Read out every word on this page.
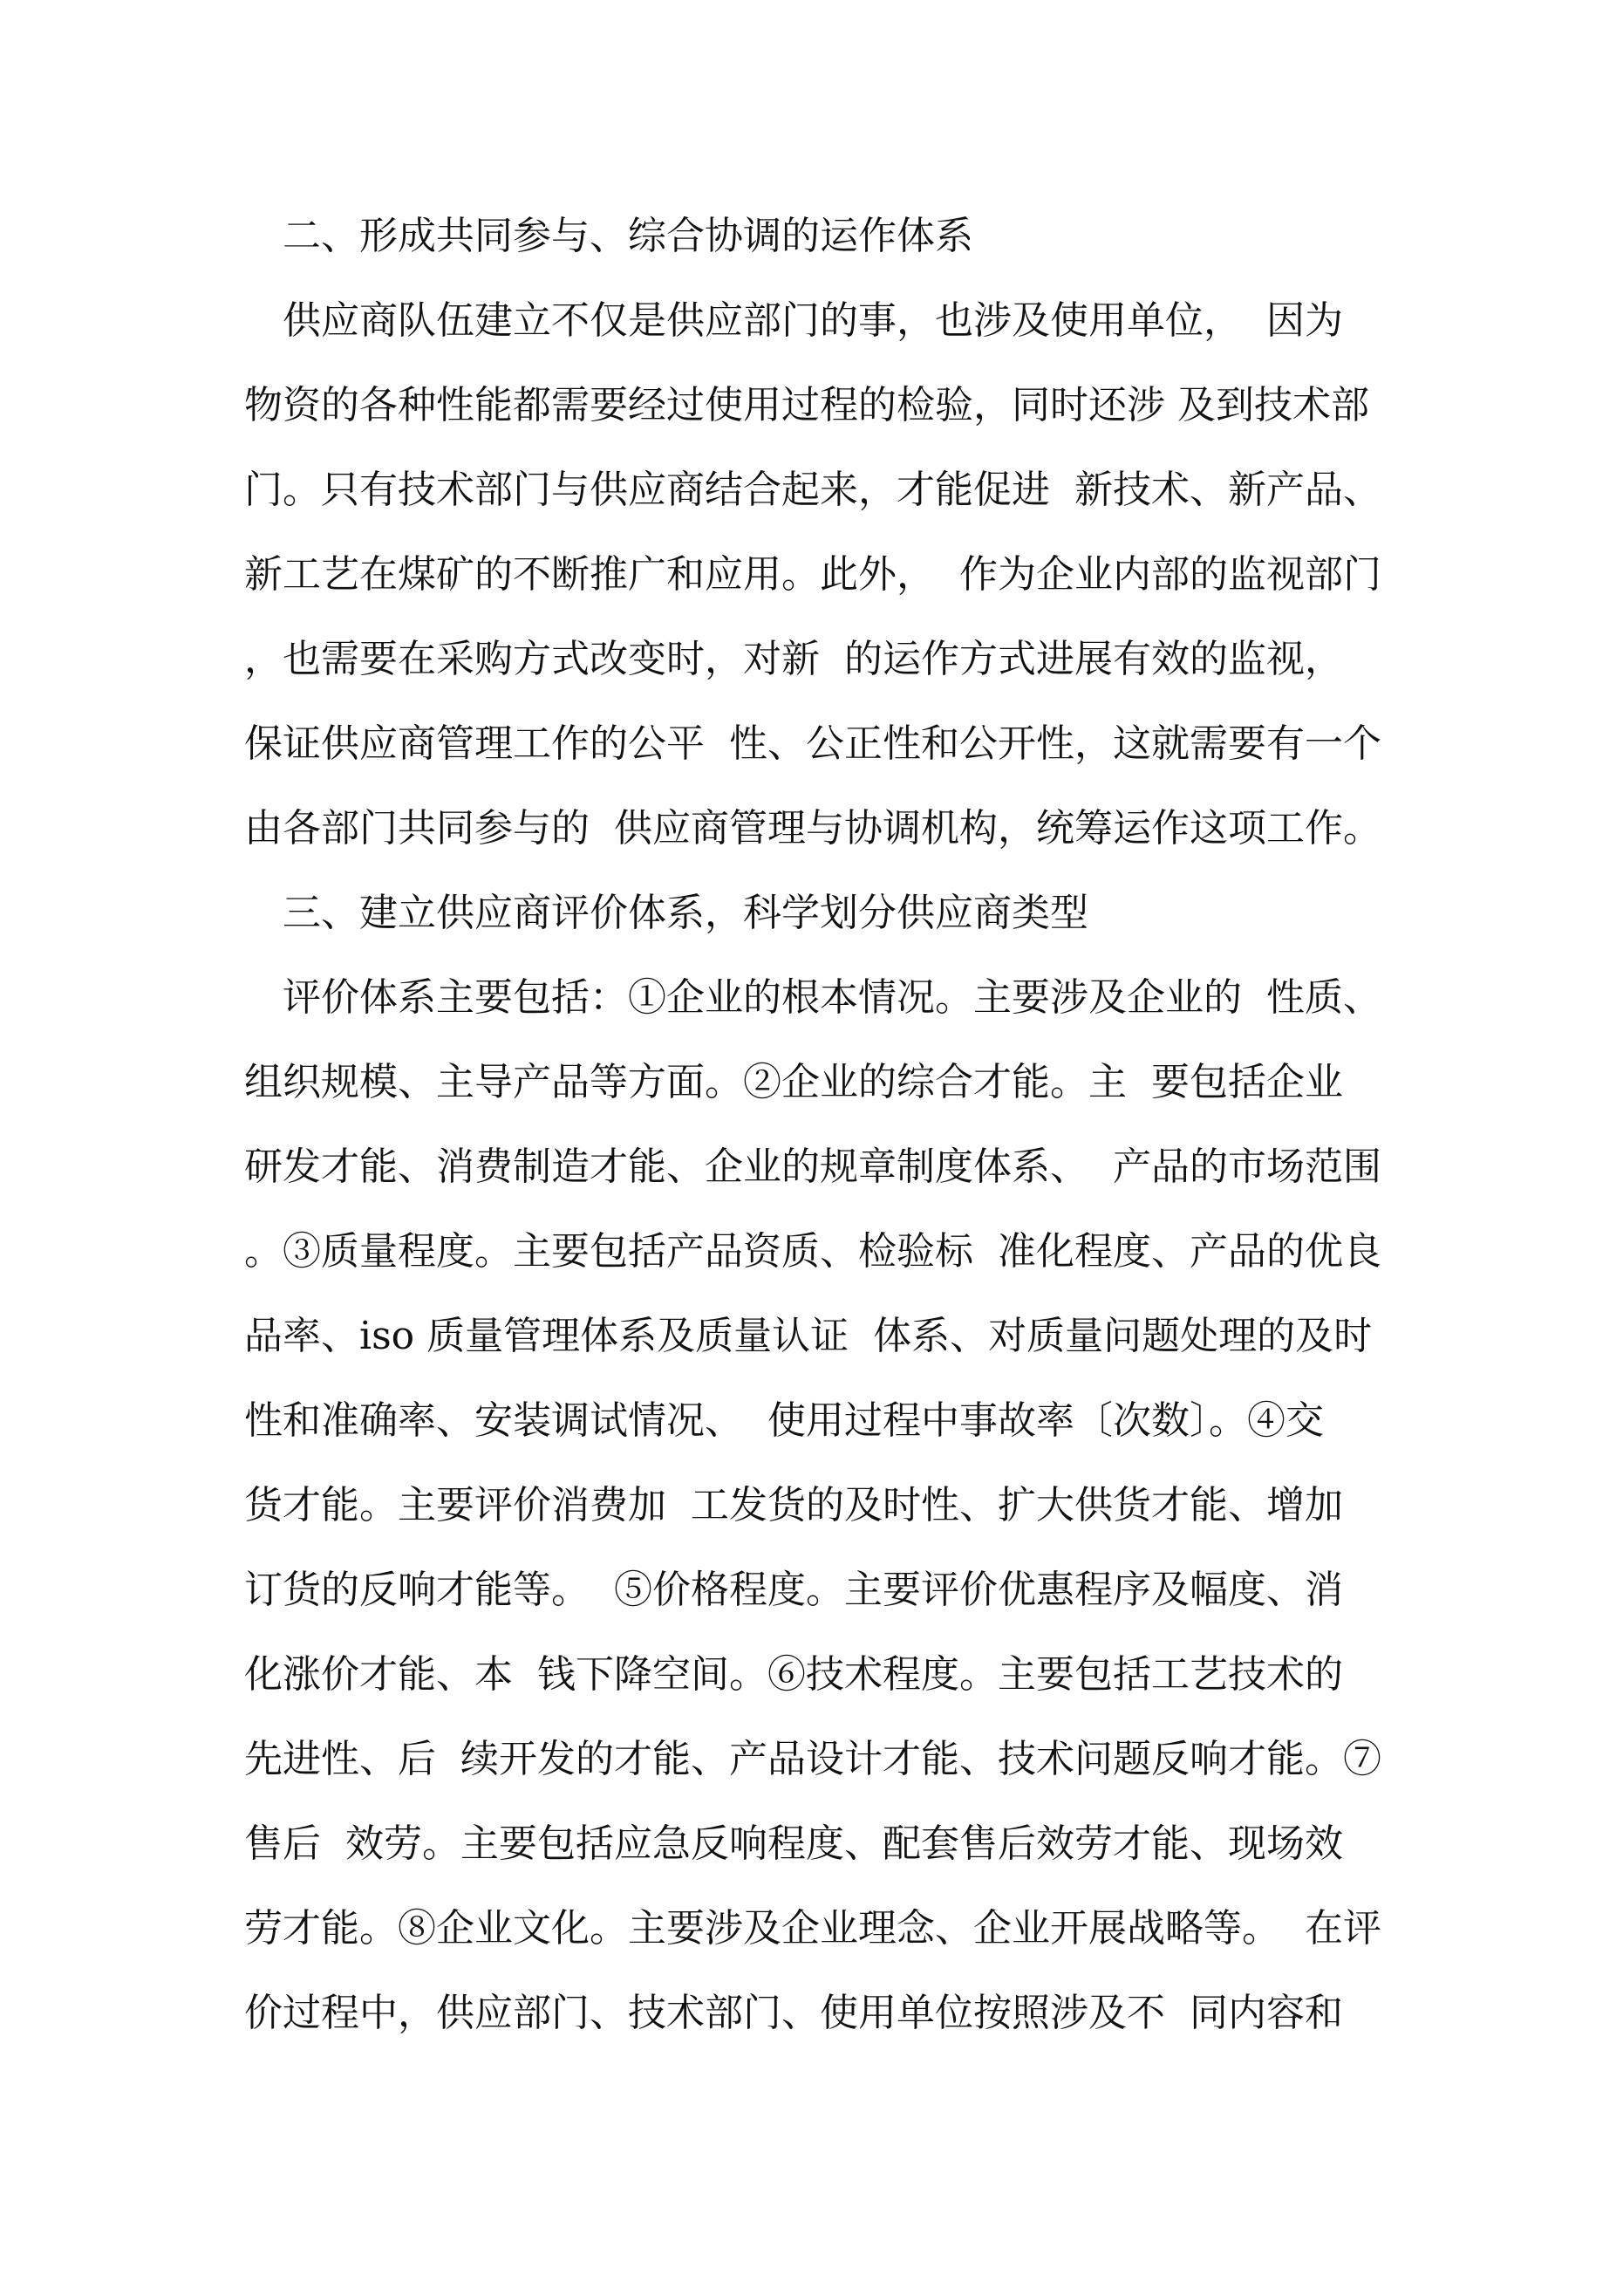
二、形成共同参与、综合协调的运作体系
供应商队伍建立不仅是供应部门的事，也涉及使用单位，  因为
物资的各种性能都需要经过使用过程的检验，同时还涉 及到技术部
门。只有技术部门与供应商结合起来，才能促进  新技术、新产品、
新工艺在煤矿的不断推广和应用。此外，  作为企业内部的监视部门
，也需要在采购方式改变时，对新  的运作方式进展有效的监视，
保证供应商管理工作的公平  性、公正性和公开性，这就需要有一个
由各部门共同参与的  供应商管理与协调机构，统筹运作这项工作。
三、建立供应商评价体系，科学划分供应商类型
评价体系主要包括：①企业的根本情况。主要涉及企业的  性质、
组织规模、主导产品等方面。②企业的综合才能。主  要包括企业
研发才能、消费制造才能、企业的规章制度体系、  产品的市场范围
。③质量程度。主要包括产品资质、检验标  准化程度、产品的优良
品率、iso 质量管理体系及质量认证  体系、对质量问题处理的及时
性和准确率、安装调试情况、  使用过程中事故率〔次数〕。④交
货才能。主要评价消费加  工发货的及时性、扩大供货才能、增加
订货的反响才能等。  ⑤价格程度。主要评价优惠程序及幅度、消
化涨价才能、本  钱下降空间。⑥技术程度。主要包括工艺技术的
先进性、后  续开发的才能、产品设计才能、技术问题反响才能。⑦
售后  效劳。主要包括应急反响程度、配套售后效劳才能、现场效
劳才能。⑧企业文化。主要涉及企业理念、企业开展战略等。  在评
价过程中，供应部门、技术部门、使用单位按照涉及不  同内容和
